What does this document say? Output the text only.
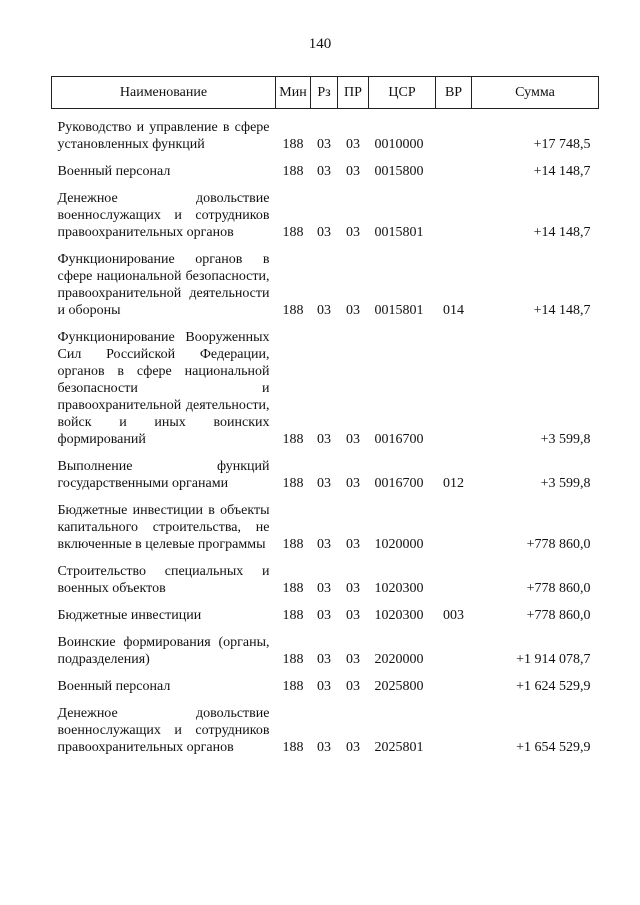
140
Наименование	Мин	Рз	ПР	ЦСР	ВР	Сумма
Руководство и управление в сфере установленных функций	188	03	03	0010000		+17 748,5
Военный персонал	188	03	03	0015800		+14 148,7
Денежное довольствие военнослужащих и сотрудников правоохранительных органов	188	03	03	0015801		+14 148,7
Функционирование органов в сфере национальной безопасности, правоохранительной деятельности и обороны	188	03	03	0015801	014	+14 148,7
Функционирование Вооруженных Сил Российской Федерации, органов в сфере национальной безопасности и правоохранительной деятельности, войск и иных воинских формирований	188	03	03	0016700		+3 599,8
Выполнение функций государственными органами	188	03	03	0016700	012	+3 599,8
Бюджетные инвестиции в объекты капитального строительства, не включенные в целевые программы	188	03	03	1020000		+778 860,0
Строительство специальных и военных объектов	188	03	03	1020300		+778 860,0
Бюджетные инвестиции	188	03	03	1020300	003	+778 860,0
Воинские формирования (органы, подразделения)	188	03	03	2020000		+1 914 078,7
Военный персонал	188	03	03	2025800		+1 624 529,9
Денежное довольствие военнослужащих и сотрудников правоохранительных органов	188	03	03	2025801		+1 654 529,9
